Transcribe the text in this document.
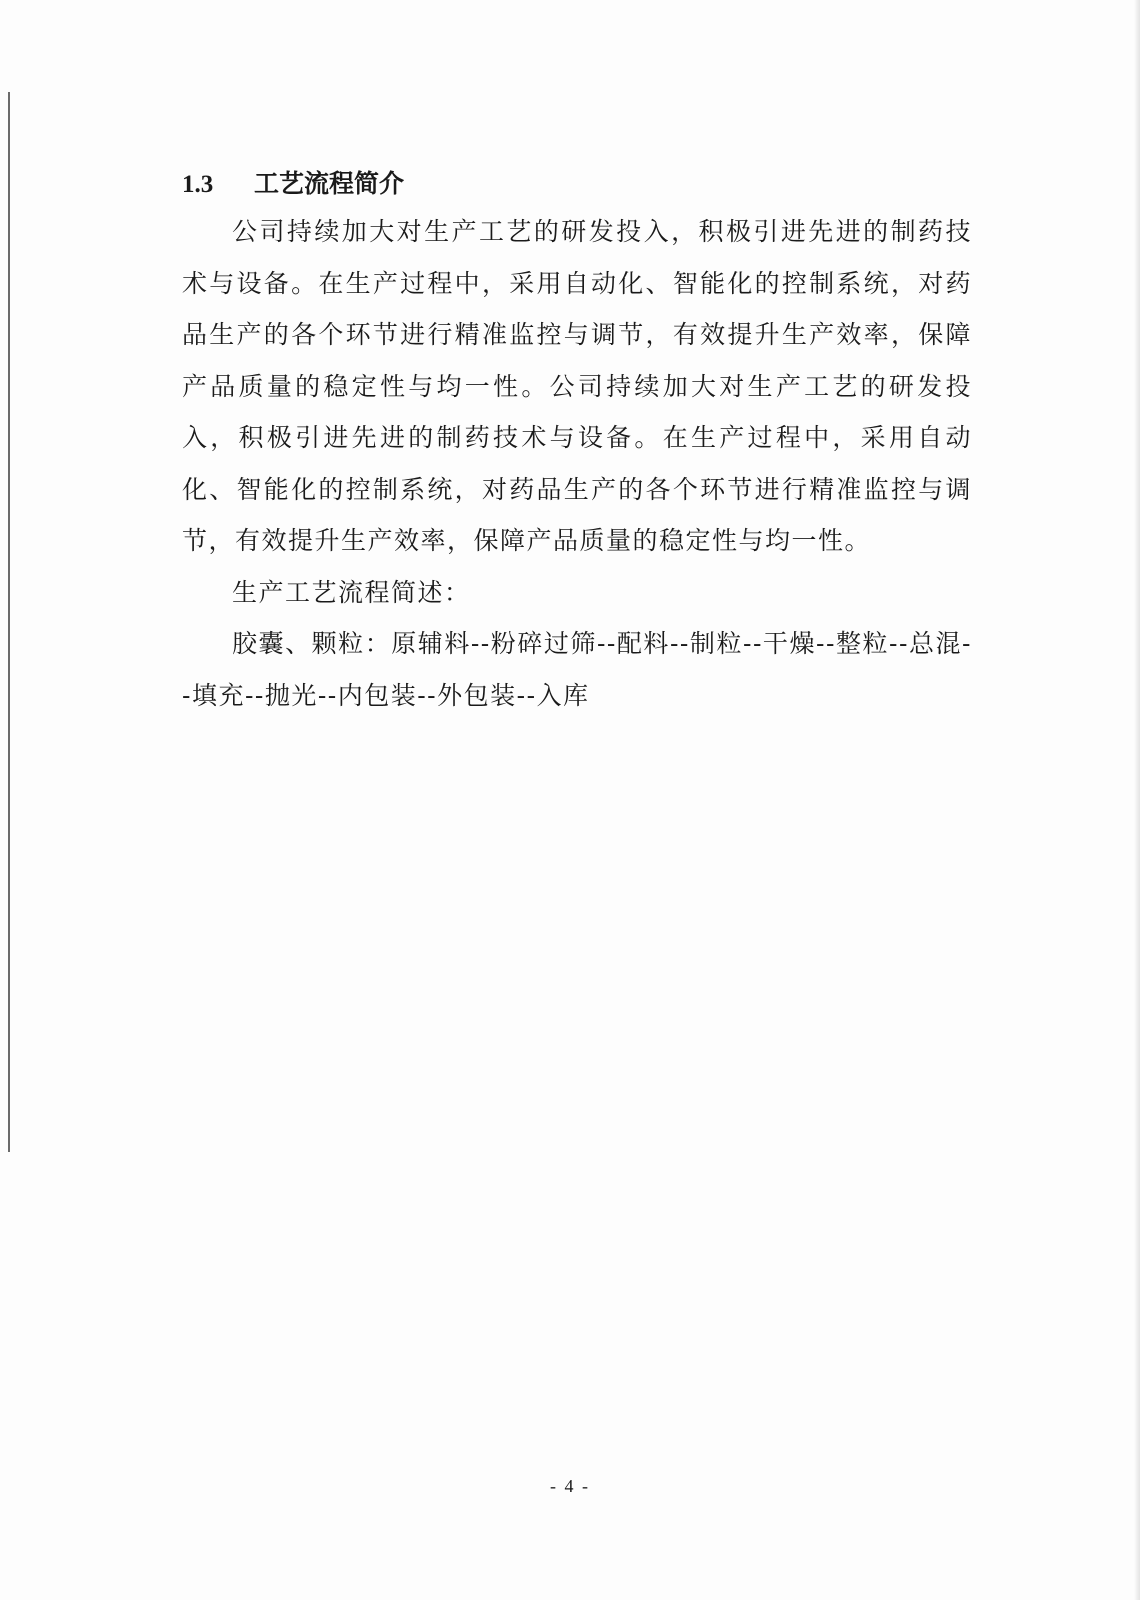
1.3 工艺流程简介

公司持续加大对生产工艺的研发投入，积极引进先进的制药技术与设备。在生产过程中，采用自动化、智能化的控制系统，对药品生产的各个环节进行精准监控与调节，有效提升生产效率，保障产品质量的稳定性与均一性。公司持续加大对生产工艺的研发投入，积极引进先进的制药技术与设备。在生产过程中，采用自动化、智能化的控制系统，对药品生产的各个环节进行精准监控与调节，有效提升生产效率，保障产品质量的稳定性与均一性。

生产工艺流程简述：

胶囊、颗粒：原辅料--粉碎过筛--配料--制粒--干燥--整粒--总混--填充--抛光--内包装--外包装--入库

- 4 -
